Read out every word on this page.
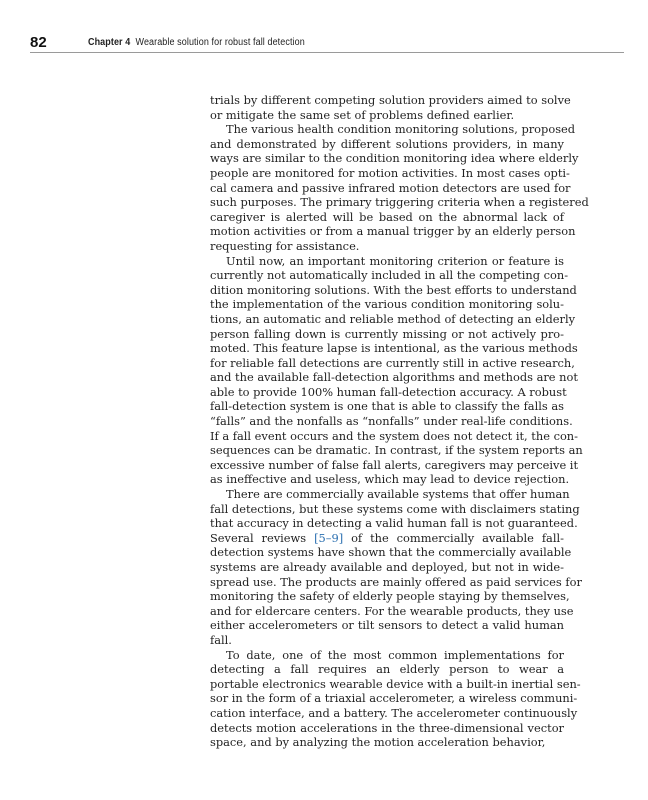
82	Chapter 4 Wearable solution for robust fall detection
trials by different competing solution providers aimed to solve
or mitigate the same set of problems defined earlier.
The various health condition monitoring solutions, proposed
and demonstrated by different solutions providers, in many
ways are similar to the condition monitoring idea where elderly
people are monitored for motion activities. In most cases opti-
cal camera and passive infrared motion detectors are used for
such purposes. The primary triggering criteria when a registered
caregiver is alerted will be based on the abnormal lack of
motion activities or from a manual trigger by an elderly person
requesting for assistance.
Until now, an important monitoring criterion or feature is
currently not automatically included in all the competing con-
dition monitoring solutions. With the best efforts to understand
the implementation of the various condition monitoring solu-
tions, an automatic and reliable method of detecting an elderly
person falling down is currently missing or not actively pro-
moted. This feature lapse is intentional, as the various methods
for reliable fall detections are currently still in active research,
and the available fall-detection algorithms and methods are not
able to provide 100% human fall-detection accuracy. A robust
fall-detection system is one that is able to classify the falls as
“falls” and the nonfalls as “nonfalls” under real-life conditions.
If a fall event occurs and the system does not detect it, the con-
sequences can be dramatic. In contrast, if the system reports an
excessive number of false fall alerts, caregivers may perceive it
as ineffective and useless, which may lead to device rejection.
There are commercially available systems that offer human
fall detections, but these systems come with disclaimers stating
that accuracy in detecting a valid human fall is not guaranteed.
Several reviews [5–9] of the commercially available fall-
detection systems have shown that the commercially available
systems are already available and deployed, but not in wide-
spread use. The products are mainly offered as paid services for
monitoring the safety of elderly people staying by themselves,
and for eldercare centers. For the wearable products, they use
either accelerometers or tilt sensors to detect a valid human
fall.
To date, one of the most common implementations for
detecting a fall requires an elderly person to wear a
portable electronics wearable device with a built-in inertial sen-
sor in the form of a triaxial accelerometer, a wireless communi-
cation interface, and a battery. The accelerometer continuously
detects motion accelerations in the three-dimensional vector
space, and by analyzing the motion acceleration behavior,
